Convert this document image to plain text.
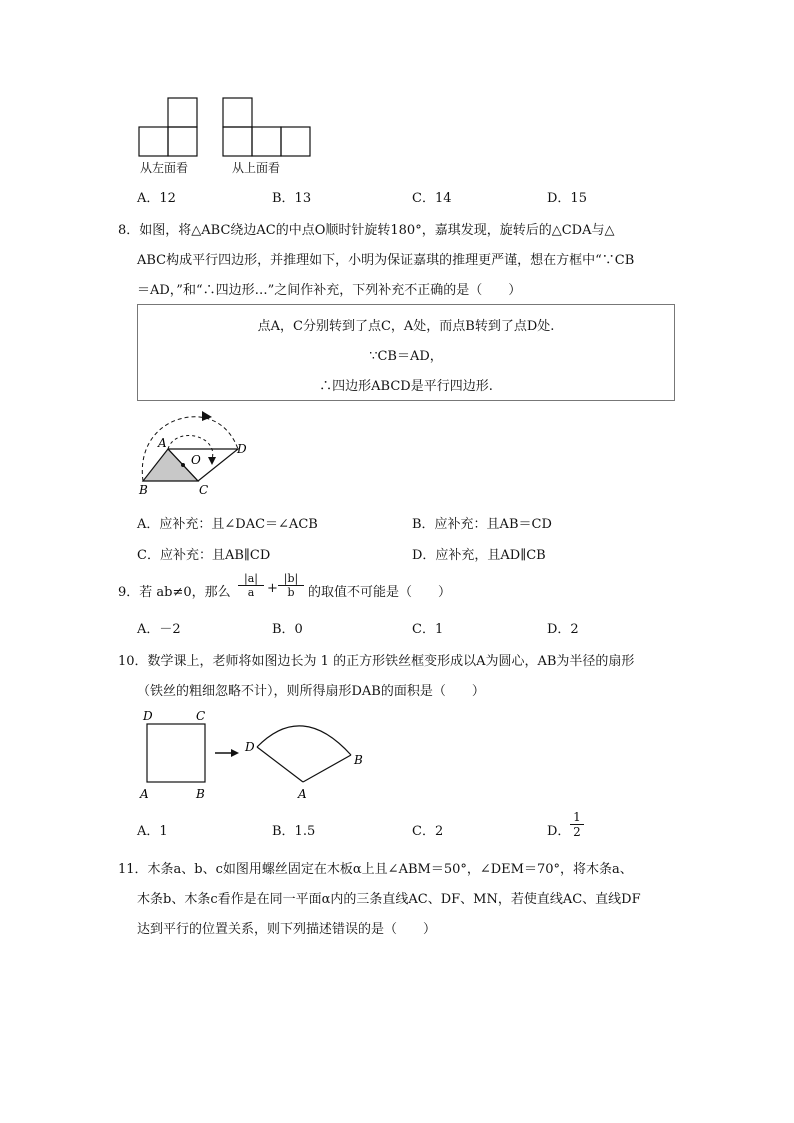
从左面看	从上面看
A．12	B．13	C．14	D．15
8．如图，将△ABC绕边AC的中点O顺时针旋转180°，嘉琪发现，旋转后的△CDA与△
ABC构成平行四边形，并推理如下，小明为保证嘉琪的推理更严谨，想在方框中“∵CB
＝AD，”和“∴四边形…”之间作补充，下列补充不正确的是（　　）
点A，C分别转到了点C，A处，而点B转到了点D处.
∵CB＝AD，
∴四边形ABCD是平行四边形.
A	D
O
B	C
A．应补充：且∠DAC＝∠ACB	B．应补充：且AB＝CD
C．应补充：且AB∥CD	D．应补充，且AD∥CB
9．若 ab≠0，那么 $\frac{|a|}{a} + \frac{|b|}{b}$ 的取值不可能是（　　）
A．－2	B．0	C．1	D．2
10．数学课上，老师将如图边长为 1 的正方形铁丝框变形成以A为圆心，AB为半径的扇形
（铁丝的粗细忽略不计），则所得扇形DAB的面积是（　　）
D	C
A	B
D
B
A
A．1	B．1.5	C．2	D． $\frac{1}{2}$
11．木条a、b、c如图用螺丝固定在木板α上且∠ABM＝50°，∠DEM＝70°，将木条a、
木条b、木条c看作是在同一平面α内的三条直线AC、DF、MN，若使直线AC、直线DF
达到平行的位置关系，则下列描述错误的是（　　）
